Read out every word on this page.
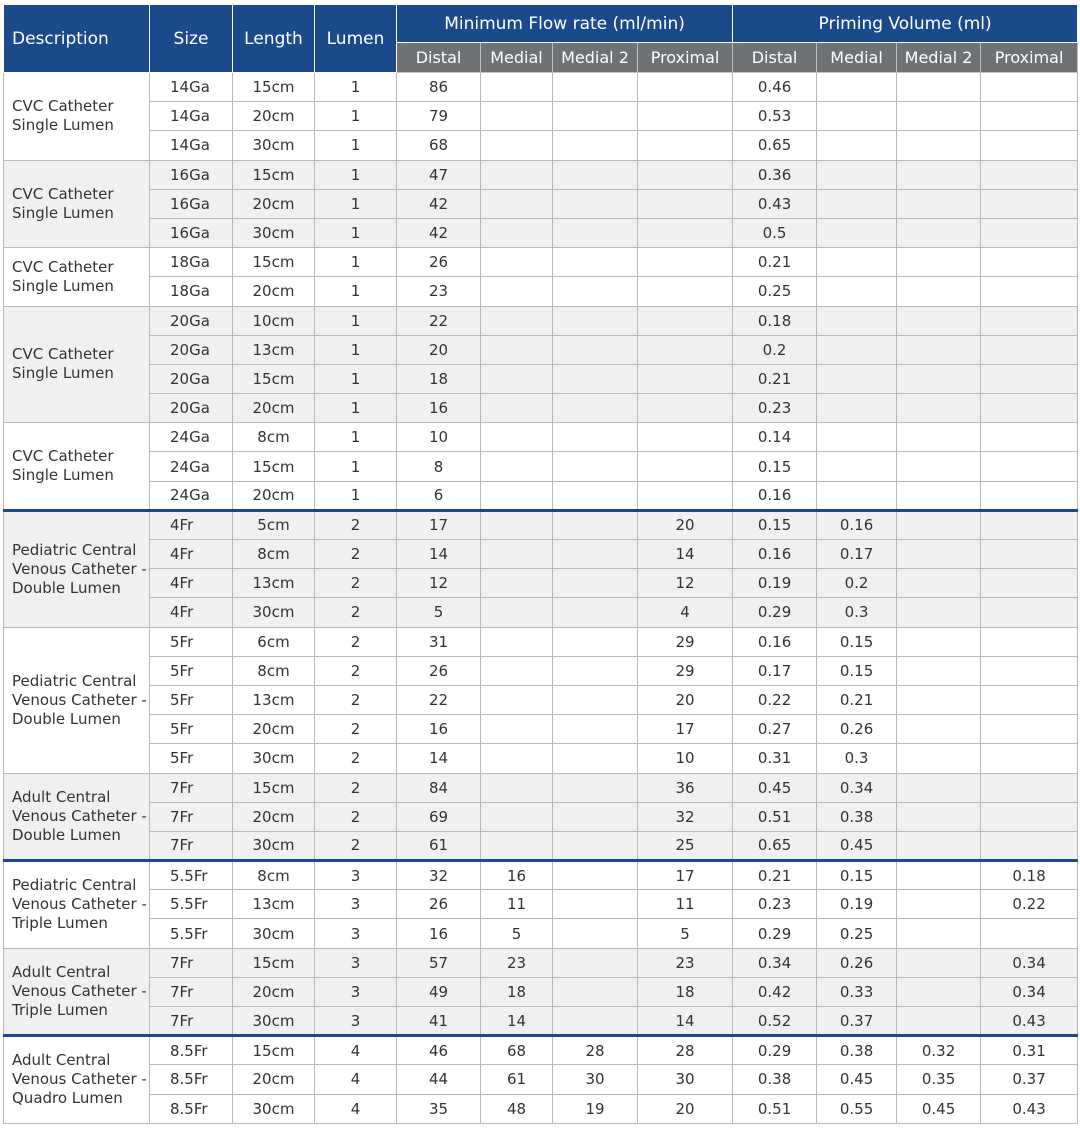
Description	Size	Length	Lumen	Minimum Flow rate (ml/min)				Priming Volume (ml)			
				Distal	Medial	Medial 2	Proximal	Distal	Medial	Medial 2	Proximal
CVC Catheter Single Lumen	14Ga	15cm	1	86				0.46			
	14Ga	20cm	1	79				0.53			
	14Ga	30cm	1	68				0.65			
CVC Catheter Single Lumen	16Ga	15cm	1	47				0.36			
	16Ga	20cm	1	42				0.43			
	16Ga	30cm	1	42				0.5			
CVC Catheter Single Lumen	18Ga	15cm	1	26				0.21			
	18Ga	20cm	1	23				0.25			
CVC Catheter Single Lumen	20Ga	10cm	1	22				0.18			
	20Ga	13cm	1	20				0.2			
	20Ga	15cm	1	18				0.21			
	20Ga	20cm	1	16				0.23			
CVC Catheter Single Lumen	24Ga	8cm	1	10				0.14			
	24Ga	15cm	1	8				0.15			
	24Ga	20cm	1	6				0.16			
Pediatric Central Venous Catheter - Double Lumen	4Fr	5cm	2	17			20	0.15	0.16		
	4Fr	8cm	2	14			14	0.16	0.17		
	4Fr	13cm	2	12			12	0.19	0.2		
	4Fr	30cm	2	5			4	0.29	0.3		
Pediatric Central Venous Catheter - Double Lumen	5Fr	6cm	2	31			29	0.16	0.15		
	5Fr	8cm	2	26			29	0.17	0.15		
	5Fr	13cm	2	22			20	0.22	0.21		
	5Fr	20cm	2	16			17	0.27	0.26		
	5Fr	30cm	2	14			10	0.31	0.3		
Adult Central Venous Catheter - Double Lumen	7Fr	15cm	2	84			36	0.45	0.34		
	7Fr	20cm	2	69			32	0.51	0.38		
	7Fr	30cm	2	61			25	0.65	0.45		
Pediatric Central Venous Catheter - Triple Lumen	5.5Fr	8cm	3	32	16		17	0.21	0.15		0.18
	5.5Fr	13cm	3	26	11		11	0.23	0.19		0.22
	5.5Fr	30cm	3	16	5		5	0.29	0.25		
Adult Central Venous Catheter - Triple Lumen	7Fr	15cm	3	57	23		23	0.34	0.26		0.34
	7Fr	20cm	3	49	18		18	0.42	0.33		0.34
	7Fr	30cm	3	41	14		14	0.52	0.37		0.43
Adult Central Venous Catheter - Quadro Lumen	8.5Fr	15cm	4	46	68	28	28	0.29	0.38	0.32	0.31
	8.5Fr	20cm	4	44	61	30	30	0.38	0.45	0.35	0.37
	8.5Fr	30cm	4	35	48	19	20	0.51	0.55	0.45	0.43
